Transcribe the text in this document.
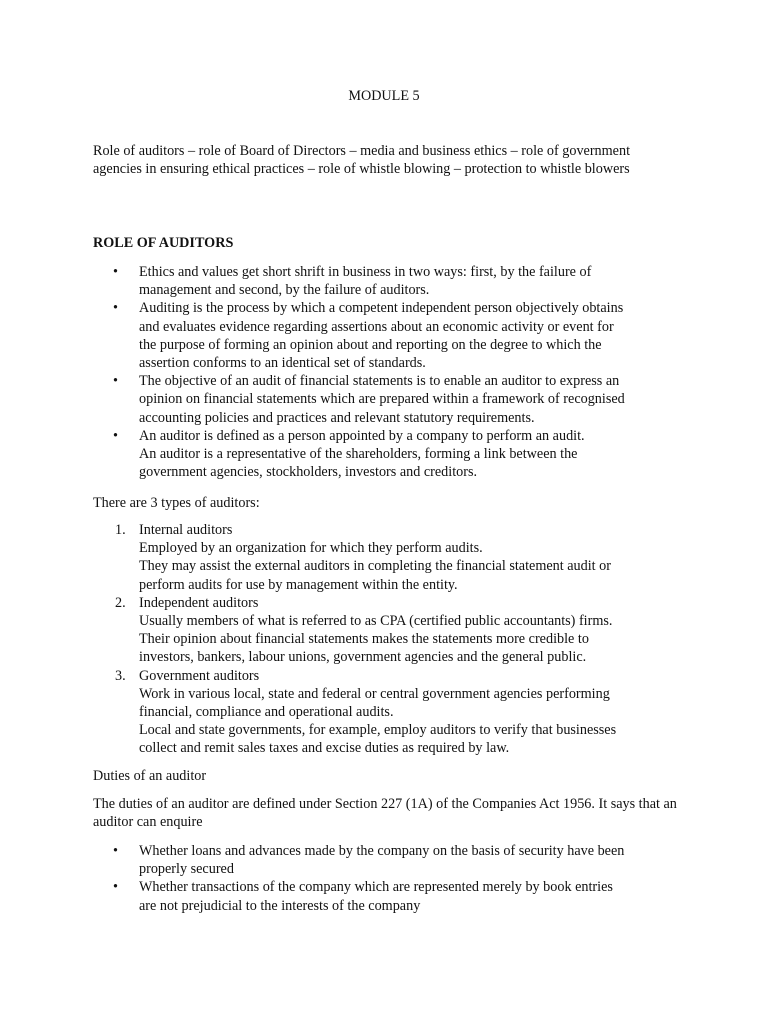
MODULE 5
Role of auditors – role of Board of Directors – media and business ethics – role of government agencies in ensuring ethical practices – role of whistle blowing – protection to whistle blowers
ROLE OF AUDITORS
• Ethics and values get short shrift in business in two ways: first, by the failure of
management and second, by the failure of auditors.
• Auditing is the process by which a competent independent person objectively obtains
and evaluates evidence regarding assertions about an economic activity or event for
the purpose of forming an opinion about and reporting on the degree to which the
assertion conforms to an identical set of standards.
• The objective of an audit of financial statements is to enable an auditor to express an
opinion on financial statements which are prepared within a framework of recognised
accounting policies and practices and relevant statutory requirements.
• An auditor is defined as a person appointed by a company to perform an audit.
An auditor is a representative of the shareholders, forming a link between the
government agencies, stockholders, investors and creditors.
There are 3 types of auditors:
1. Internal auditors
Employed by an organization for which they perform audits.
They may assist the external auditors in completing the financial statement audit or
perform audits for use by management within the entity.
2. Independent auditors
Usually members of what is referred to as CPA (certified public accountants) firms.
Their opinion about financial statements makes the statements more credible to
investors, bankers, labour unions, government agencies and the general public.
3. Government auditors
Work in various local, state and federal or central government agencies performing
financial, compliance and operational audits.
Local and state governments, for example, employ auditors to verify that businesses
collect and remit sales taxes and excise duties as required by law.
Duties of an auditor
The duties of an auditor are defined under Section 227 (1A) of the Companies Act 1956. It says that an auditor can enquire
• Whether loans and advances made by the company on the basis of security have been
properly secured
• Whether transactions of the company which are represented merely by book entries
are not prejudicial to the interests of the company
